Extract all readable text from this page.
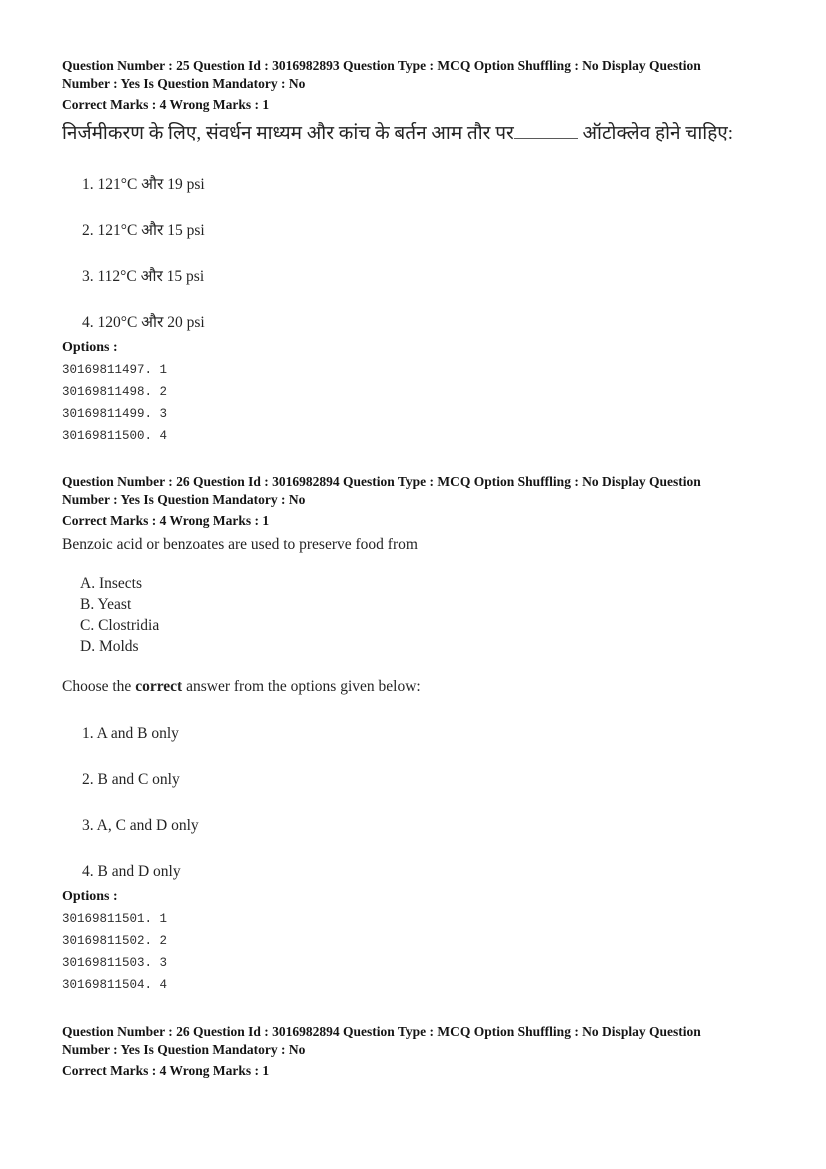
Question Number : 25 Question Id : 3016982893 Question Type : MCQ Option Shuffling : No Display Question
Number : Yes Is Question Mandatory : No
Correct Marks : 4 Wrong Marks : 1
निर्जमीकरण के लिए, संवर्धन माध्यम और कांच के बर्तन आम तौर पर	ऑटोक्लेव होने चाहिए:
1. 121°C और 19 psi
2. 121°C और 15 psi
3. 112°C और 15 psi
4. 120°C और 20 psi
Options :
30169811497. 1
30169811498. 2
30169811499. 3
30169811500. 4
Question Number : 26 Question Id : 3016982894 Question Type : MCQ Option Shuffling : No Display Question
Number : Yes Is Question Mandatory : No
Correct Marks : 4 Wrong Marks : 1
Benzoic acid or benzoates are used to preserve food from
A. Insects
B. Yeast
C. Clostridia
D. Molds
Choose the correct answer from the options given below:
1. A and B only
2. B and C only
3. A, C and D only
4. B and D only
Options :
30169811501. 1
30169811502. 2
30169811503. 3
30169811504. 4
Question Number : 26 Question Id : 3016982894 Question Type : MCQ Option Shuffling : No Display Question
Number : Yes Is Question Mandatory : No
Correct Marks : 4 Wrong Marks : 1
